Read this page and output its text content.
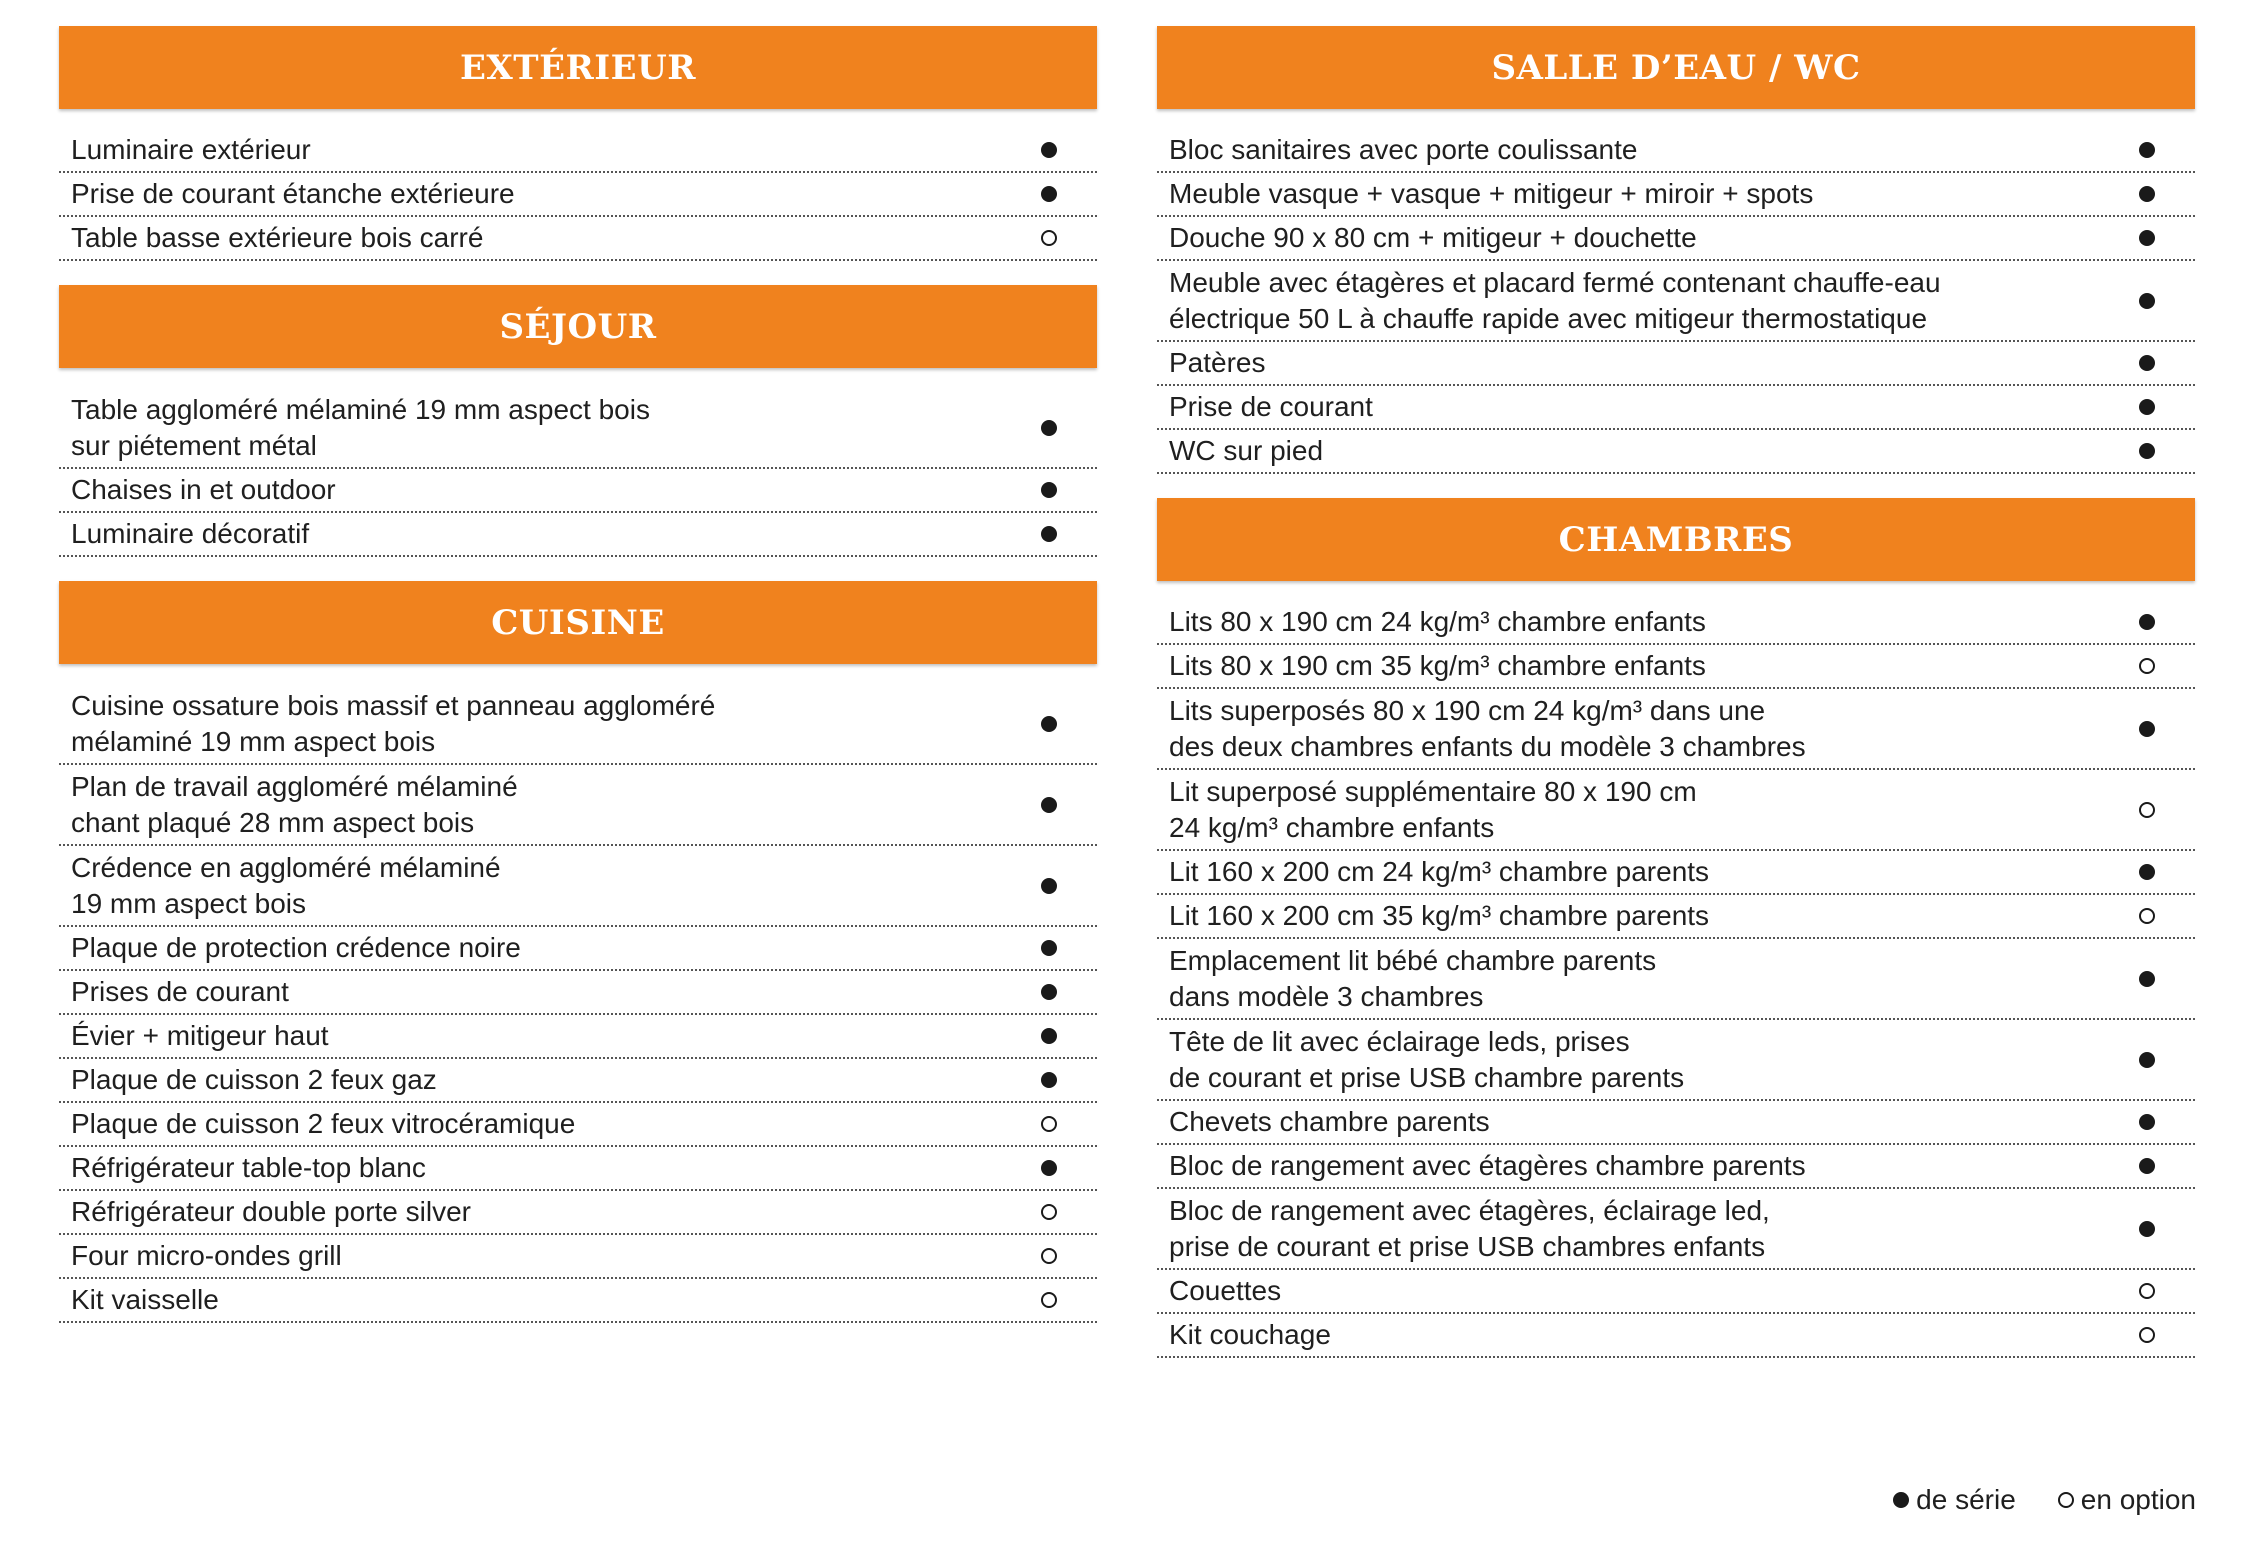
EXTÉRIEUR
Luminaire extérieur
Prise de courant étanche extérieure
Table basse extérieure bois carré
SÉJOUR
Table aggloméré mélaminé 19 mm aspect bois
sur piétement métal
Chaises in et outdoor
Luminaire décoratif
CUISINE
Cuisine ossature bois massif et panneau aggloméré
mélaminé 19 mm aspect bois
Plan de travail aggloméré mélaminé
chant plaqué 28 mm aspect bois
Crédence en aggloméré mélaminé
19 mm aspect bois
Plaque de protection crédence noire
Prises de courant
Évier + mitigeur haut
Plaque de cuisson 2 feux gaz
Plaque de cuisson 2 feux vitrocéramique
Réfrigérateur table-top blanc
Réfrigérateur double porte silver
Four micro-ondes grill
Kit vaisselle
SALLE D’EAU / WC
Bloc sanitaires avec porte coulissante
Meuble vasque + vasque + mitigeur + miroir + spots
Douche 90 x 80 cm + mitigeur + douchette
Meuble avec étagères et placard fermé contenant chauffe-eau
électrique 50 L à chauffe rapide avec mitigeur thermostatique
Patères
Prise de courant
WC sur pied
CHAMBRES
Lits 80 x 190 cm 24 kg/m³ chambre enfants
Lits 80 x 190 cm 35 kg/m³ chambre enfants
Lits superposés 80 x 190 cm 24 kg/m³ dans une
des deux chambres enfants du modèle 3 chambres
Lit superposé supplémentaire 80 x 190 cm
24 kg/m³ chambre enfants
Lit 160 x 200 cm 24 kg/m³ chambre parents
Lit 160 x 200 cm 35 kg/m³ chambre parents
Emplacement lit bébé chambre parents
dans modèle 3 chambres
Tête de lit avec éclairage leds, prises
de courant et prise USB chambre parents
Chevets chambre parents
Bloc de rangement avec étagères chambre parents
Bloc de rangement avec étagères, éclairage led,
prise de courant et prise USB chambres enfants
Couettes
Kit couchage
de série en option
